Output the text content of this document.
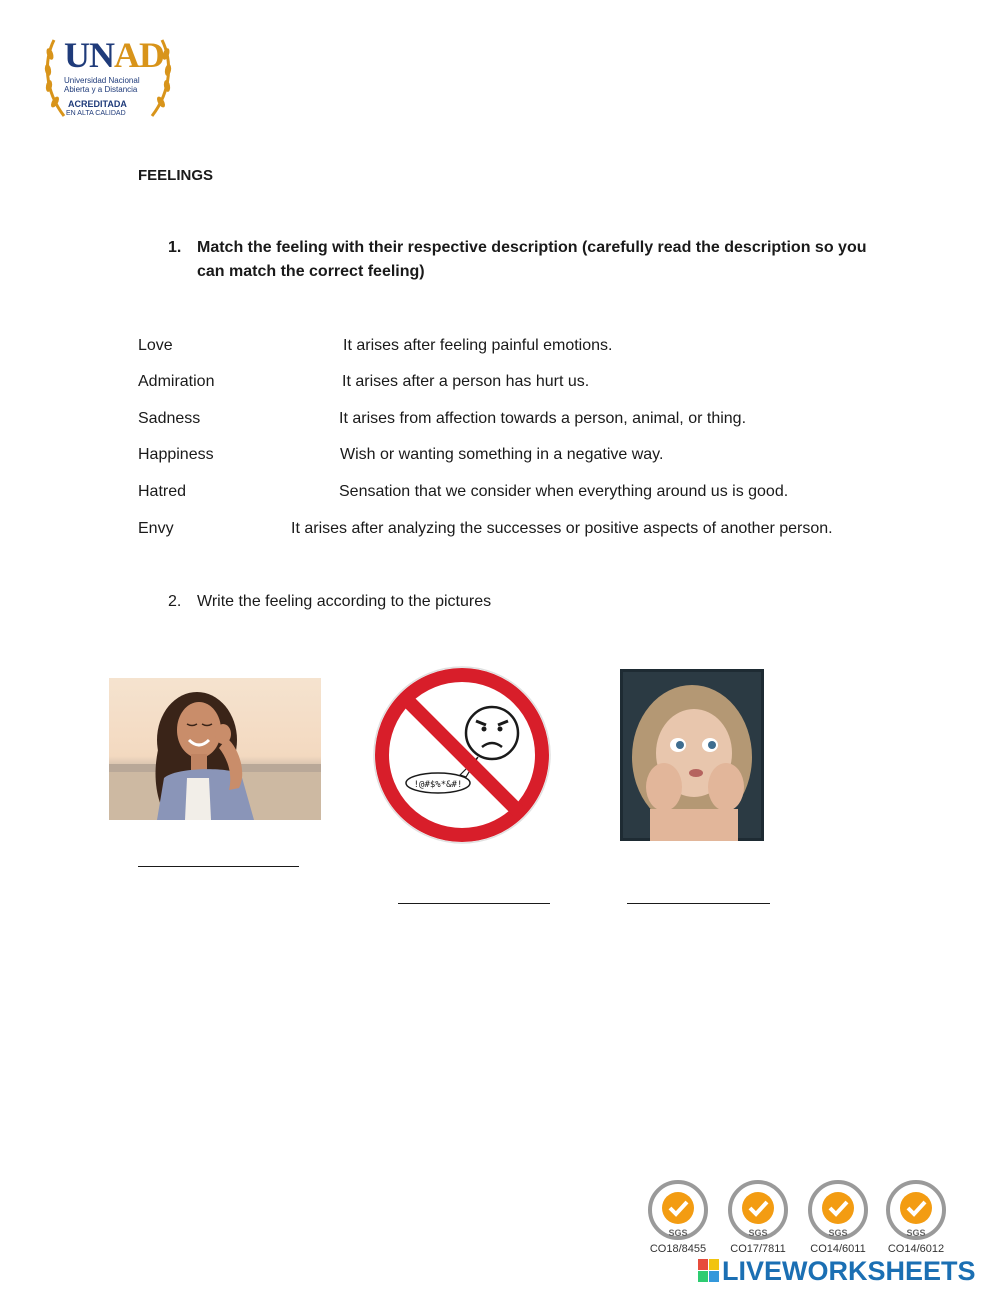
UNAD
Universidad Nacional
Abierta y a Distancia
ACREDITADA
EN ALTA CALIDAD
FEELINGS
1. Match the feeling with their respective description (carefully read the description so you
can match the correct feeling)
Love	It arises after feeling painful emotions.
Admiration	It arises after a person has hurt us.
Sadness	It arises from affection towards a person, animal, or thing.
Happiness	Wish or wanting something in a negative way.
Hatred	Sensation that we consider when everything around us is good.
Envy	It arises after analyzing the successes or positive aspects of another person.
2. Write the feeling according to the pictures
!@#$%*&#!
SGS	SGS	SGS	SGS
CO18/8455	CO17/7811	CO14/6011	CO14/6012
LIVEWORKSHEETS
